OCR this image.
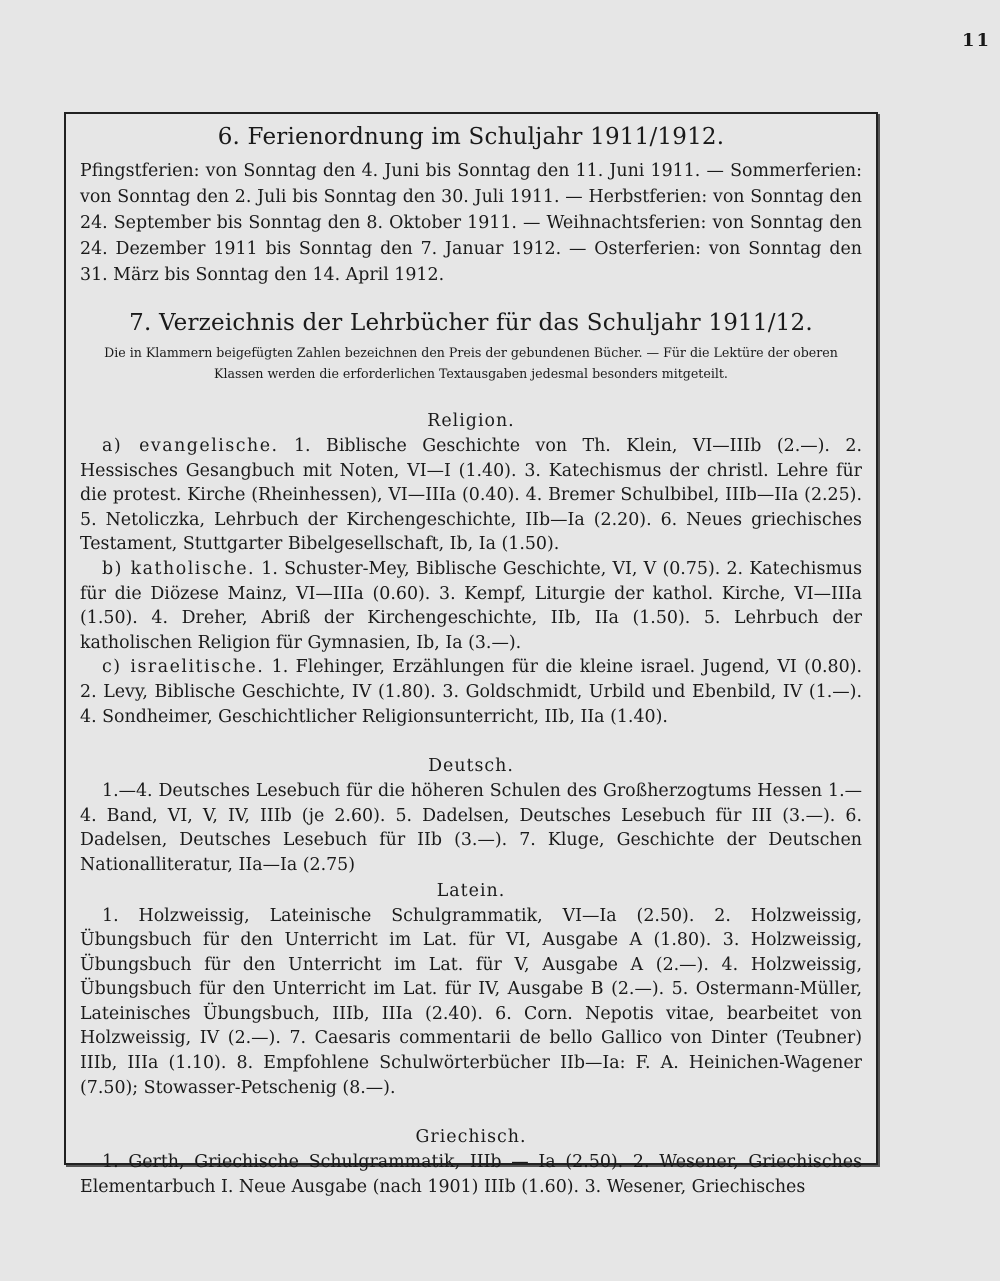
11
6. Ferienordnung im Schuljahr 1911/1912.

Pfingstferien: von Sonntag den 4. Juni bis Sonntag den 11. Juni 1911. — Sommerferien: von Sonntag den 2. Juli bis Sonntag den 30. Juli 1911. — Herbstferien: von Sonntag den 24. September bis Sonntag den 8. Oktober 1911. — Weihnachtsferien: von Sonntag den 24. Dezember 1911 bis Sonntag den 7. Januar 1912. — Osterferien: von Sonntag den 31. März bis Sonntag den 14. April 1912.

7. Verzeichnis der Lehrbücher für das Schuljahr 1911/12.

Die in Klammern beigefügten Zahlen bezeichnen den Preis der gebundenen Bücher. — Für die Lektüre der oberen Klassen werden die erforderlichen Textausgaben jedesmal besonders mitgeteilt.

Religion.

a) evangelische. 1. Biblische Geschichte von Th. Klein, VI—IIIb (2.—). 2. Hessisches Gesangbuch mit Noten, VI—I (1.40). 3. Katechismus der christl. Lehre für die protest. Kirche (Rheinhessen), VI—IIIa (0.40). 4. Bremer Schulbibel, IIIb—IIa (2.25). 5. Netoliczka, Lehrbuch der Kirchengeschichte, IIb—Ia (2.20). 6. Neues griechisches Testament, Stuttgarter Bibelgesellschaft, Ib, Ia (1.50).

b) katholische. 1. Schuster-Mey, Biblische Geschichte, VI, V (0.75). 2. Katechismus für die Diözese Mainz, VI—IIIa (0.60). 3. Kempf, Liturgie der kathol. Kirche, VI—IIIa (1.50). 4. Dreher, Abriß der Kirchengeschichte, IIb, IIa (1.50). 5. Lehrbuch der katholischen Religion für Gymnasien, Ib, Ia (3.—).

c) israelitische. 1. Flehinger, Erzählungen für die kleine israel. Jugend, VI (0.80). 2. Levy, Biblische Geschichte, IV (1.80). 3. Goldschmidt, Urbild und Ebenbild, IV (1.—). 4. Sondheimer, Geschichtlicher Religionsunterricht, IIb, IIa (1.40).

Deutsch.

1.—4. Deutsches Lesebuch für die höheren Schulen des Großherzogtums Hessen 1.—4. Band, VI, V, IV, IIIb (je 2.60). 5. Dadelsen, Deutsches Lesebuch für III (3.—). 6. Dadelsen, Deutsches Lesebuch für IIb (3.—). 7. Kluge, Geschichte der Deutschen Nationalliteratur, IIa—Ia (2.75)

Latein.

1. Holzweissig, Lateinische Schulgrammatik, VI—Ia (2.50). 2. Holzweissig, Übungsbuch für den Unterricht im Lat. für VI, Ausgabe A (1.80). 3. Holzweissig, Übungsbuch für den Unterricht im Lat. für V, Ausgabe A (2.—). 4. Holzweissig, Übungsbuch für den Unterricht im Lat. für IV, Ausgabe B (2.—). 5. Ostermann-Müller, Lateinisches Übungsbuch, IIIb, IIIa (2.40). 6. Corn. Nepotis vitae, bearbeitet von Holzweissig, IV (2.—). 7. Caesaris commentarii de bello Gallico von Dinter (Teubner) IIIb, IIIa (1.10). 8. Empfohlene Schulwörterbücher IIb—Ia: F. A. Heinichen-Wagener (7.50); Stowasser-Petschenig (8.—).

Griechisch.

1. Gerth, Griechische Schulgrammatik, IIIb — Ia (2.50). 2. Wesener, Griechisches Elementarbuch I. Neue Ausgabe (nach 1901) IIIb (1.60). 3. Wesener, Griechisches
